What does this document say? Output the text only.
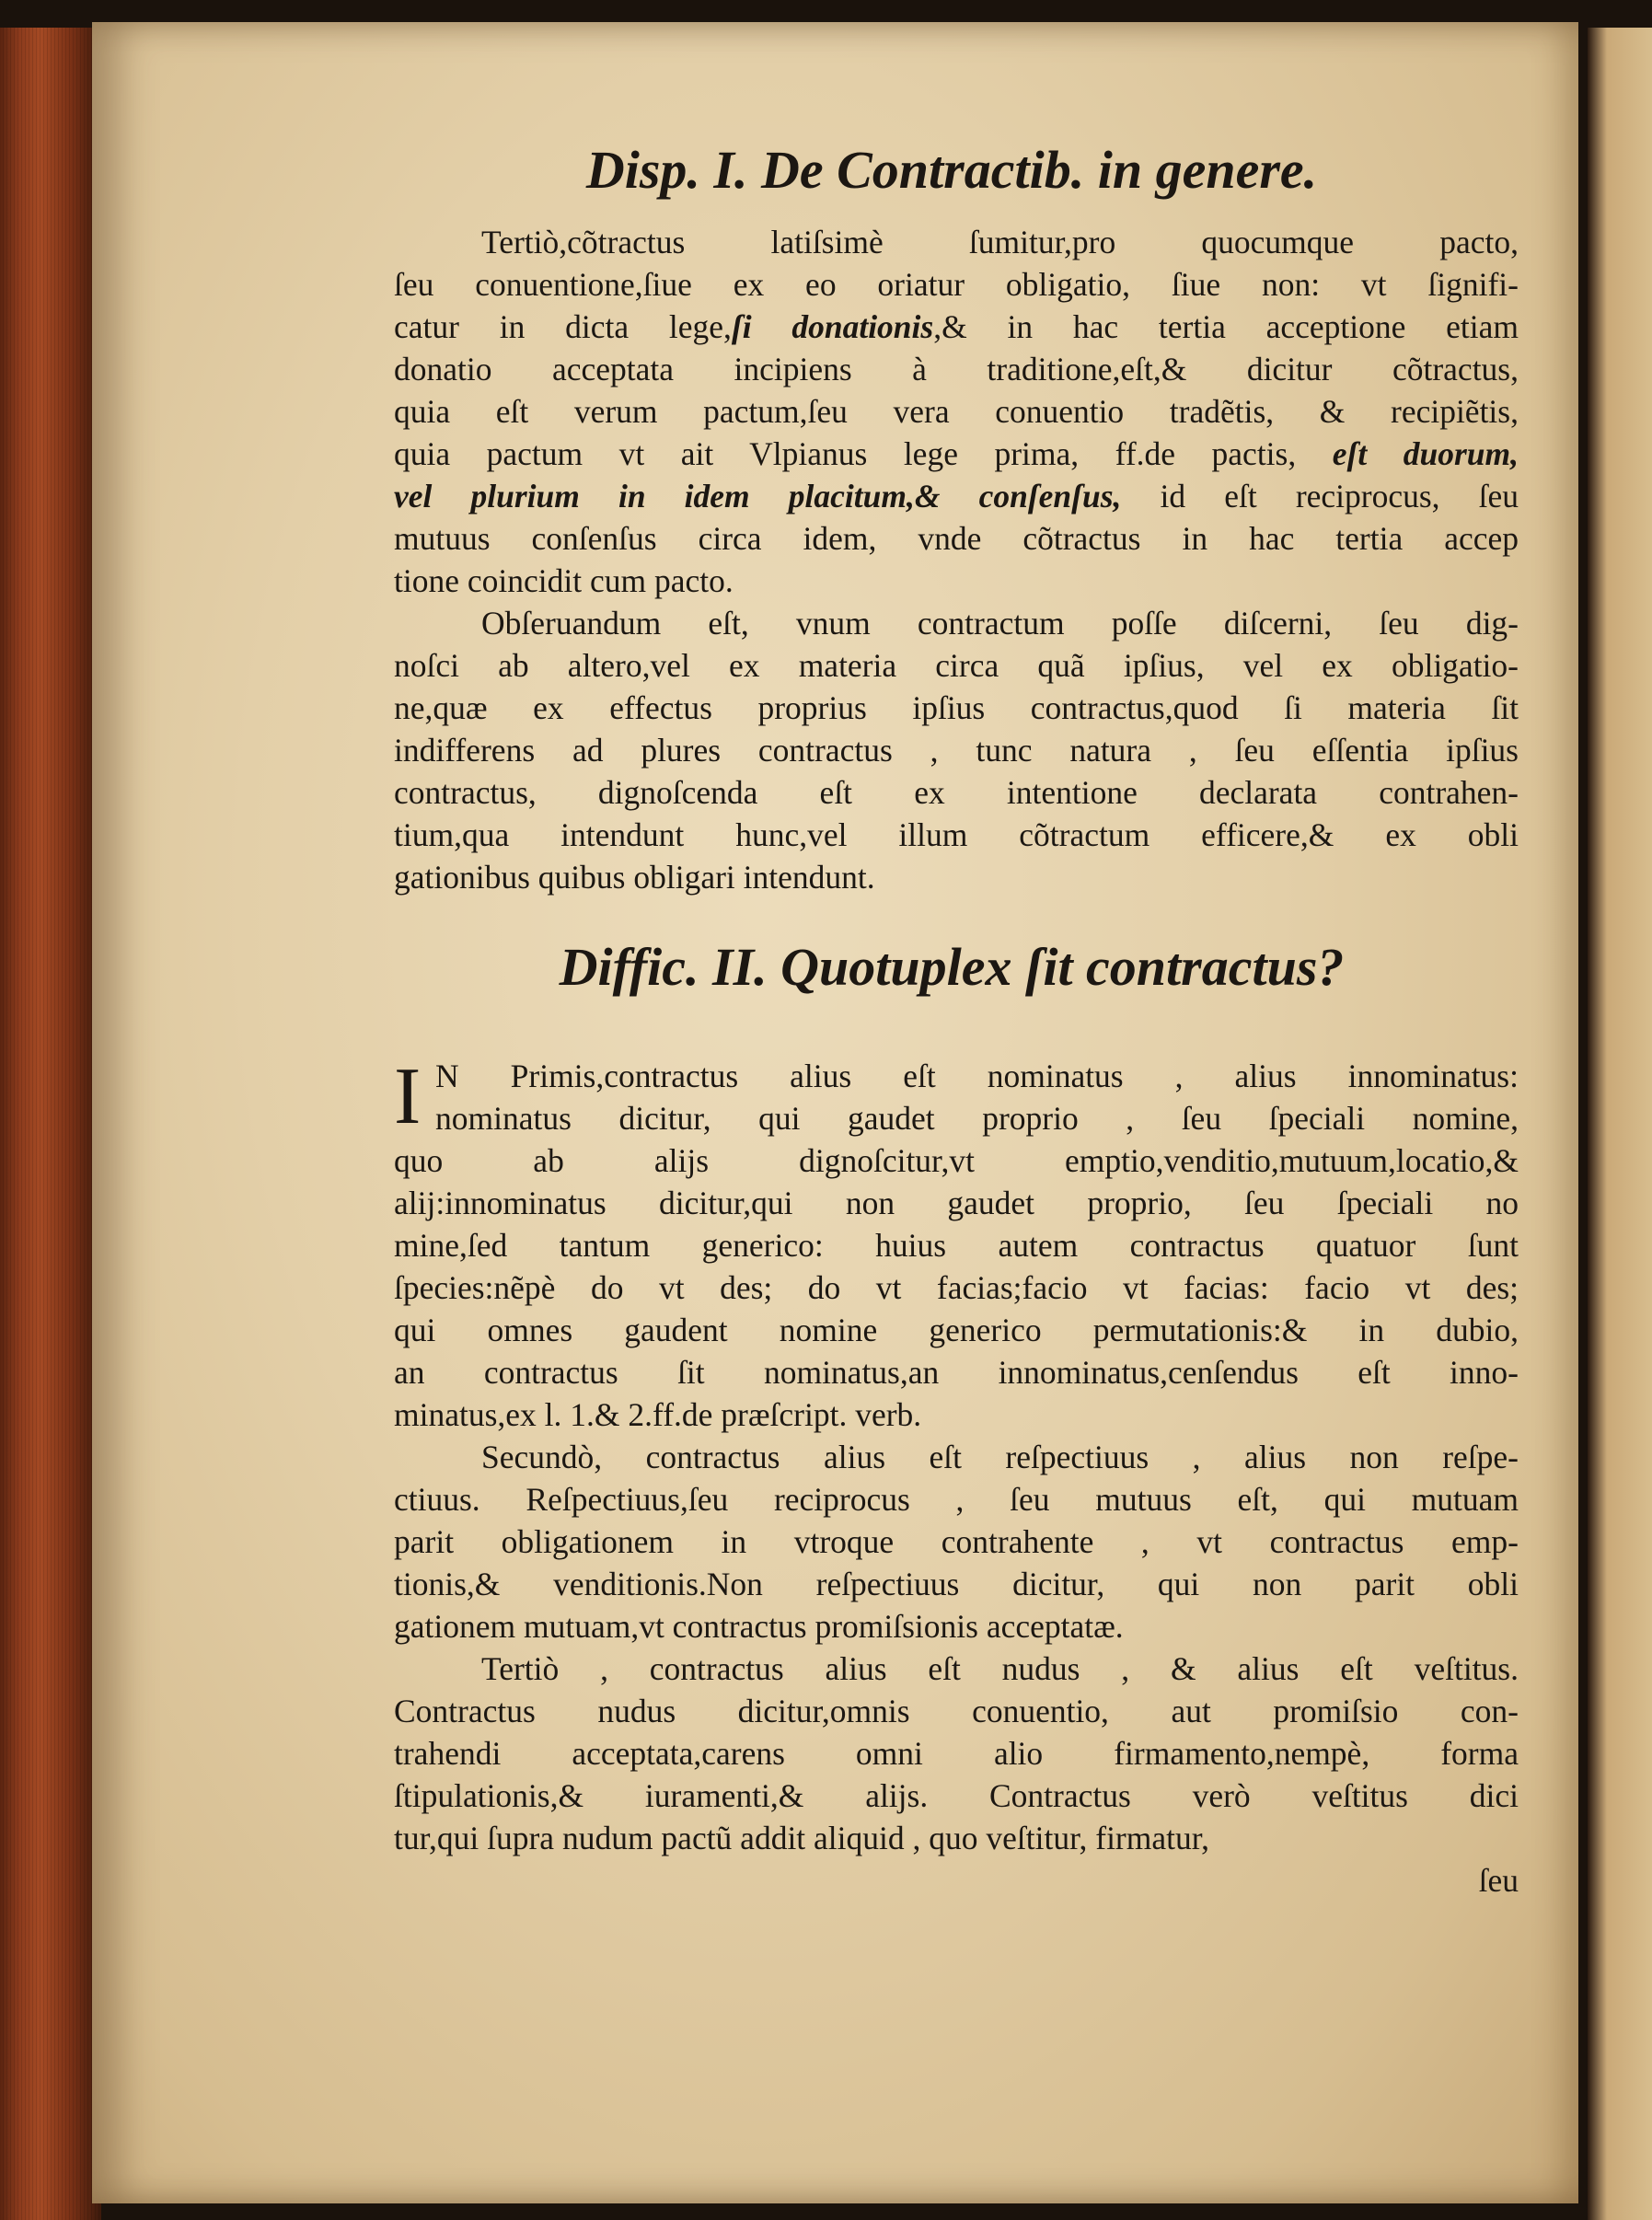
Disp. I. De Contractib. in genere.
Tertiò,cõtractus latiſsimè ſumitur,pro quocumque pacto,
ſeu conuentione,ſiue ex eo oriatur obligatio, ſiue non: vt ſignifi-
catur in dicta lege,ſi donationis,& in hac tertia acceptione etiam
donatio acceptata incipiens à traditione,eſt,& dicitur cõtractus,
quia eſt verum pactum,ſeu vera conuentio tradẽtis, & recipiẽtis,
quia pactum vt ait Vlpianus lege prima, ff.de pactis, eſt duorum,
vel plurium in idem placitum,& conſenſus, id eſt reciprocus, ſeu
mutuus conſenſus circa idem, vnde cõtractus in hac tertia accep
tione coincidit cum pacto.
Obſeruandum eſt, vnum contractum poſſe diſcerni, ſeu dig-
noſci ab altero,vel ex materia circa quã ipſius, vel ex obligatio-
ne,quæ ex effectus proprius ipſius contractus,quod ſi materia ſit
indifferens ad plures contractus , tunc natura , ſeu eſſentia ipſius
contractus, dignoſcenda eſt ex intentione declarata contrahen-
tium,qua intendunt hunc,vel illum cõtractum efficere,& ex obli
gationibus quibus obligari intendunt.
Diffic. II. Quotuplex ſit contractus?
I N Primis,contractus alius eſt nominatus , alius innominatus:
nominatus dicitur, qui gaudet proprio , ſeu ſpeciali nomine,
quo ab alijs dignoſcitur,vt emptio,venditio,mutuum,locatio,&
alij:innominatus dicitur,qui non gaudet proprio, ſeu ſpeciali no
mine,ſed tantum generico: huius autem contractus quatuor ſunt
ſpecies:nẽpè do vt des; do vt facias;facio vt facias: facio vt des;
qui omnes gaudent nomine generico permutationis:& in dubio,
an contractus ſit nominatus,an innominatus,cenſendus eſt inno-
minatus,ex l. 1.& 2.ff.de præſcript. verb.
Secundò, contractus alius eſt reſpectiuus , alius non reſpe-
ctiuus. Reſpectiuus,ſeu reciprocus , ſeu mutuus eſt, qui mutuam
parit obligationem in vtroque contrahente , vt contractus emp-
tionis,& venditionis.Non reſpectiuus dicitur, qui non parit obli
gationem mutuam,vt contractus promiſsionis acceptatæ.
Tertiò , contractus alius eſt nudus , & alius eſt veſtitus.
Contractus nudus dicitur,omnis conuentio, aut promiſsio con-
trahendi acceptata,carens omni alio firmamento,nempè, forma
ſtipulationis,& iuramenti,& alijs. Contractus verò veſtitus dici
tur,qui ſupra nudum pactũ addit aliquid , quo veſtitur, firmatur,
ſeu
